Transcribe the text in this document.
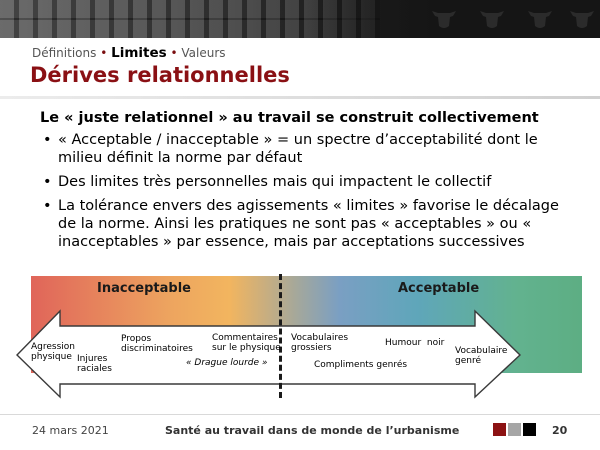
Définitions • Limites • Valeurs
Dérives relationnelles
Le « juste relationnel » au travail se construit collectivement
• « Acceptable / inacceptable » = un spectre d’acceptabilité dont le milieu définit la norme par défaut
• Des limites très personnelles mais qui impactent le collectif
• La tolérance envers des agissements « limites » favorise le décalage de la norme. Ainsi les pratiques ne sont pas « acceptables » ou « inacceptables » par essence, mais par acceptations successives
Inacceptable	Acceptable
Agression physique Injures raciales
Propos discriminatoires
Commentaires sur le physique
« Drague lourde »
Vocabulaires grossiers	Humour  noir
Compliments genrés
Vocabulaire genré
24 mars 2021	Santé au travail dans de monde de l’urbanisme	20
